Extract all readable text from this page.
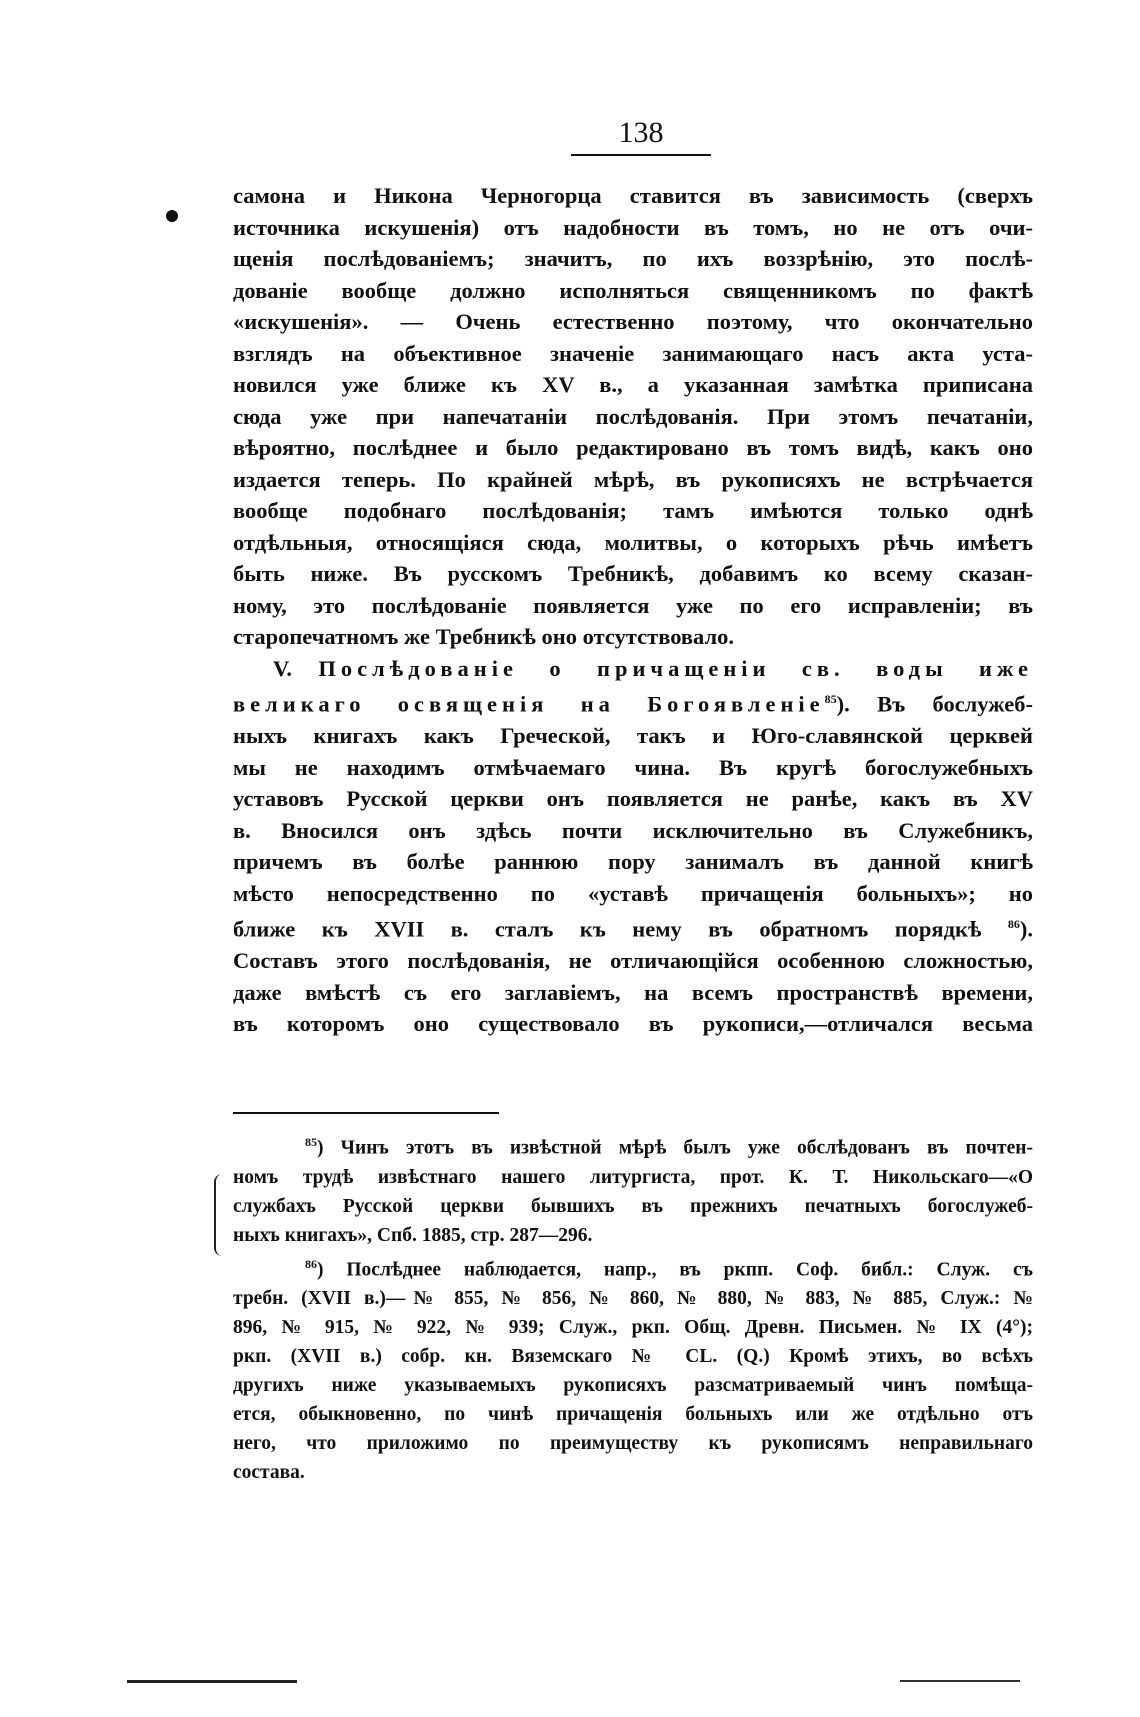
138
самона и Никона Черногорца ставится въ зависимость (сверхъ
источника искушенія) отъ надобности въ томъ, но не отъ очи-
щенія послѣдованіемъ; значитъ, по ихъ воззрѣнію, это послѣ-
дованіе вообще должно исполняться священникомъ по фактѣ
«искушенія». — Очень естественно поэтому, что окончательно
взглядъ на объективное значеніе занимающаго насъ акта уста-
новился уже ближе къ XV в., а указанная замѣтка приписана
сюда уже при напечатаніи послѣдованія. При этомъ печатаніи,
вѣроятно, послѣднее и было редактировано въ томъ видѣ, какъ оно
издается теперь. По крайней мѣрѣ, въ рукописяхъ не встрѣчается
вообще подобнаго послѣдованія; тамъ имѣются только однѣ
отдѣльныя, относящіяся сюда, молитвы, о которыхъ рѣчь имѣетъ
быть ниже. Въ русскомъ Требникѣ, добавимъ ко всему сказан-
ному, это послѣдованіе появляется уже по его исправленіи; въ
старопечатномъ же Требникѣ оно отсутствовало.
V. Послѣдованіе о причащеніи св. воды иже
великаго освященія на Богоявленіе$^{85}$). Въ бослужеб-
ныхъ книгахъ какъ Греческой, такъ и Юго-славянской церквей
мы не находимъ отмѣчаемаго чина. Въ кругѣ богослужебныхъ
уставовъ Русской церкви онъ появляется не ранѣе, какъ въ XV
в. Вносился онъ здѣсь почти исключительно въ Служебникъ,
причемъ въ болѣе раннюю пору занималъ въ данной книгѣ
мѣсто непосредственно по «уставѣ причащенія больныхъ»; но
ближе къ XVII в. сталъ къ нему въ обратномъ порядкѣ $^{86}$).
Составъ этого послѣдованія, не отличающійся особенною сложностью,
даже вмѣстѣ съ его заглавіемъ, на всемъ пространствѣ времени,
въ которомъ оно существовало въ рукописи,—отличался весьма
$^{85}$) Чинъ этотъ въ извѣстной мѣрѣ былъ уже обслѣдованъ въ почтен-
номъ трудѣ извѣстнаго нашего литургиста, прот. К. Т. Никольскаго—«О
службахъ Русской церкви бывшихъ въ прежнихъ печатныхъ богослужеб-
ныхъ книгахъ», Спб. 1885, стр. 287—296.
$^{86}$) Послѣднее наблюдается, напр., въ ркпп. Соф. библ.: Служ. съ
требн. (XVII в.)—№ 855, № 856, № 860, № 880, № 883, № 885, Служ.: №
896, № 915, № 922, № 939; Служ., ркп. Общ. Древн. Письмен. № IX (4°);
ркп. (XVII в.) собр. кн. Вяземскаго № CL. (Q.) Кромѣ этихъ, во всѣхъ
другихъ ниже указываемыхъ рукописяхъ разсматриваемый чинъ помѣща-
ется, обыкновенно, по чинѣ причащенія больныхъ или же отдѣльно отъ
него, что приложимо по преимуществу къ рукописямъ неправильнаго
состава.
